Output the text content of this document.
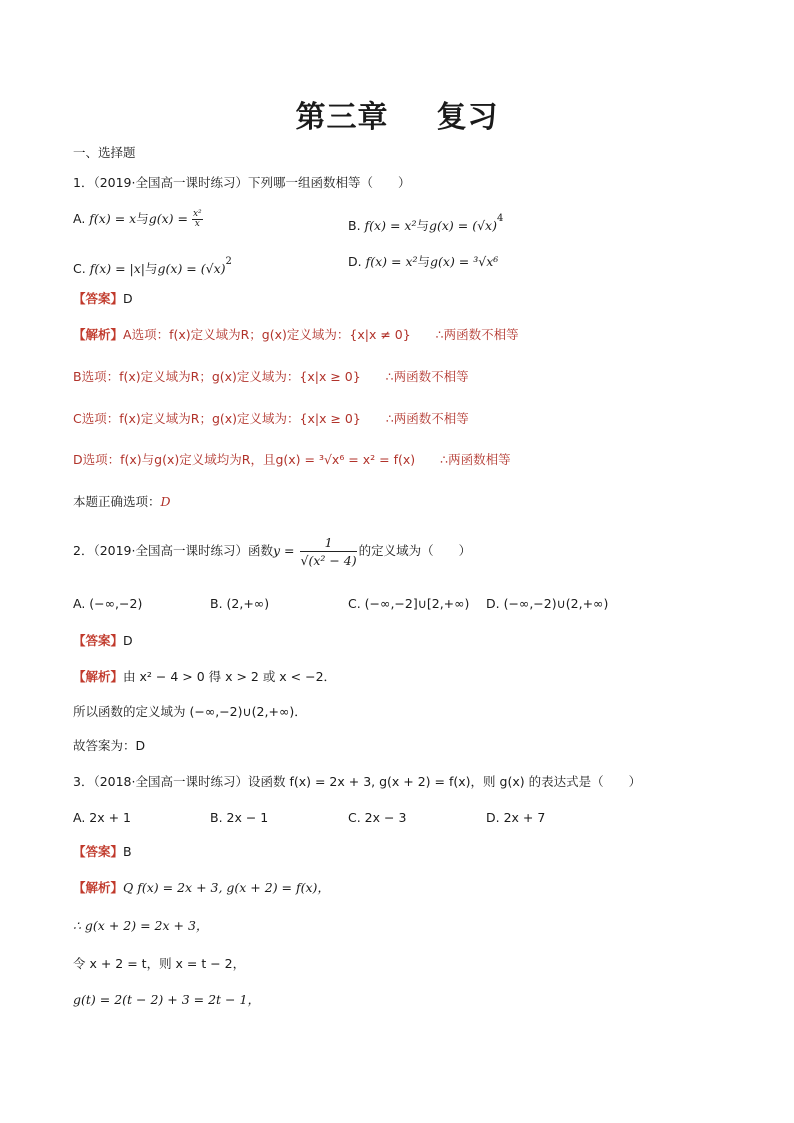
第三章 复习
一、选择题
1．（2019·全国高一课时练习）下列哪一组函数相等（　　）
A. f(x) = x与$g(x) = \frac{\text{x²}}{x}$	B. f(x) = x²与$g(x) = (√x)^4$
C. f(x) = |x|与$g(x) = (√x)^2$	D. f(x) = x²与g(x) = ³√x⁶
【答案】D
【解析】A选项：f(x)定义域为R；g(x)定义域为：{x|x ≠ 0}　　∴两函数不相等
B选项：f(x)定义域为R；g(x)定义域为：{x|x ≥ 0}　　∴两函数不相等
C选项：f(x)定义域为R；g(x)定义域为：{x|x ≥ 0}　　∴两函数不相等
D选项：f(x)与g(x)定义域均为R，且g(x) = ³√x⁶ = x² = f(x)　　∴两函数相等
本题正确选项：D
2．（2019·全国高一课时练习）函数$y = \frac{1}{\text{√(x² − 4)}}$ 的定义域为（　　）
A. (−∞,−2)	B. (2,+∞)	C. (−∞,−2]∪[2,+∞) D. (−∞,−2)∪(2,+∞)
【答案】D
【解析】由 x² − 4 > 0 得 x > 2 或 x < −2．
所以函数的定义域为 (−∞,−2)∪(2,+∞)．
故答案为：D
3．（2018·全国高一课时练习）设函数 f(x) = 2x + 3, g(x + 2) = f(x)，则 g(x) 的表达式是（　　）
A. 2x + 1	B. 2x − 1	C. 2x − 3	D. 2x + 7
【答案】B
【解析】Q f(x) = 2x + 3, g(x + 2) = f(x)，
∴ g(x + 2) = 2x + 3，
令 x + 2 = t，则 x = t − 2，
g(t) = 2(t − 2) + 3 = 2t − 1，
